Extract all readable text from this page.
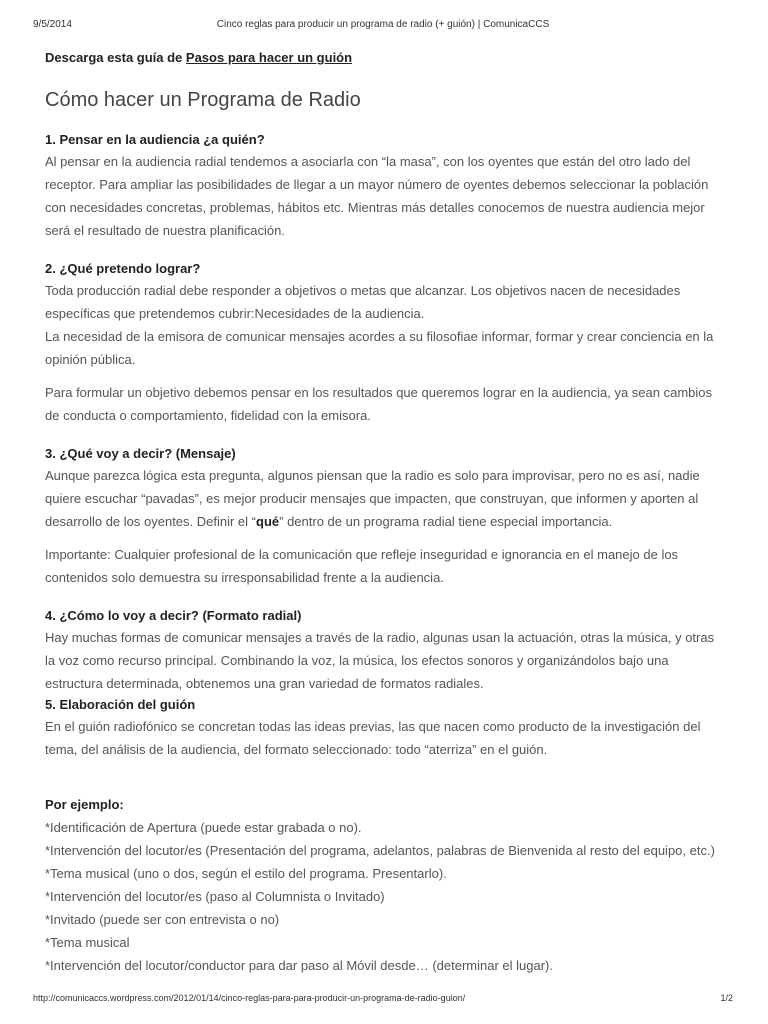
9/5/2014	Cinco reglas para producir un programa de radio (+ guión) | ComunicaCCS
Descarga esta guía de Pasos para hacer un guión
Cómo hacer un Programa de Radio
1. Pensar en la audiencia ¿a quién?

Al pensar en la audiencia radial tendemos a asociarla con “la masa”, con los oyentes que están del otro lado del receptor. Para ampliar las posibilidades de llegar a un mayor número de oyentes debemos seleccionar la población con necesidades concretas, problemas, hábitos etc. Mientras más detalles conocemos de nuestra audiencia mejor será el resultado de nuestra planificación.

2. ¿Qué pretendo lograr?

Toda producción radial debe responder a objetivos o metas que alcanzar. Los objetivos nacen de necesidades específicas que pretendemos cubrir:Necesidades de la audiencia.

La necesidad de la emisora de comunicar mensajes acordes a su filosofiae informar, formar y crear conciencia en la opinión pública.

Para formular un objetivo debemos pensar en los resultados que queremos lograr en la audiencia, ya sean cambios de conducta o comportamiento, fidelidad con la emisora.

3. ¿Qué voy a decir? (Mensaje)

Aunque parezca lógica esta pregunta, algunos piensan que la radio es solo para improvisar, pero no es así, nadie quiere escuchar “pavadas”, es mejor producir mensajes que impacten, que construyan, que informen y aporten al desarrollo de los oyentes. Definir el “qué” dentro de un programa radial tiene especial importancia.

Importante: Cualquier profesional de la comunicación que refleje inseguridad e ignorancia en el manejo de los contenidos solo demuestra su irresponsabilidad frente a la audiencia.

4. ¿Cómo lo voy a decir? (Formato radial)

Hay muchas formas de comunicar mensajes a través de la radio, algunas usan la actuación, otras la música, y otras la voz como recurso principal. Combinando la voz, la música, los efectos sonoros y organizándolos bajo una estructura determinada, obtenemos una gran variedad de formatos radiales.

5. Elaboración del guión

En el guión radiofónico se concretan todas las ideas previas, las que nacen como producto de la investigación del tema, del análisis de la audiencia, del formato seleccionado: todo “aterriza” en el guión.

Por ejemplo:
*Identificación de Apertura (puede estar grabada o no).
*Intervención del locutor/es (Presentación del programa, adelantos, palabras de Bienvenida al resto del equipo, etc.)
*Tema musical (uno o dos, según el estilo del programa. Presentarlo).
*Intervención del locutor/es (paso al Columnista o Invitado)
*Invitado (puede ser con entrevista o no)
*Tema musical
*Intervención del locutor/conductor para dar paso al Móvil desde… (determinar el lugar).
http://comunicaccs.wordpress.com/2012/01/14/cinco-reglas-para-para-producir-un-programa-de-radio-guion/	1/2
